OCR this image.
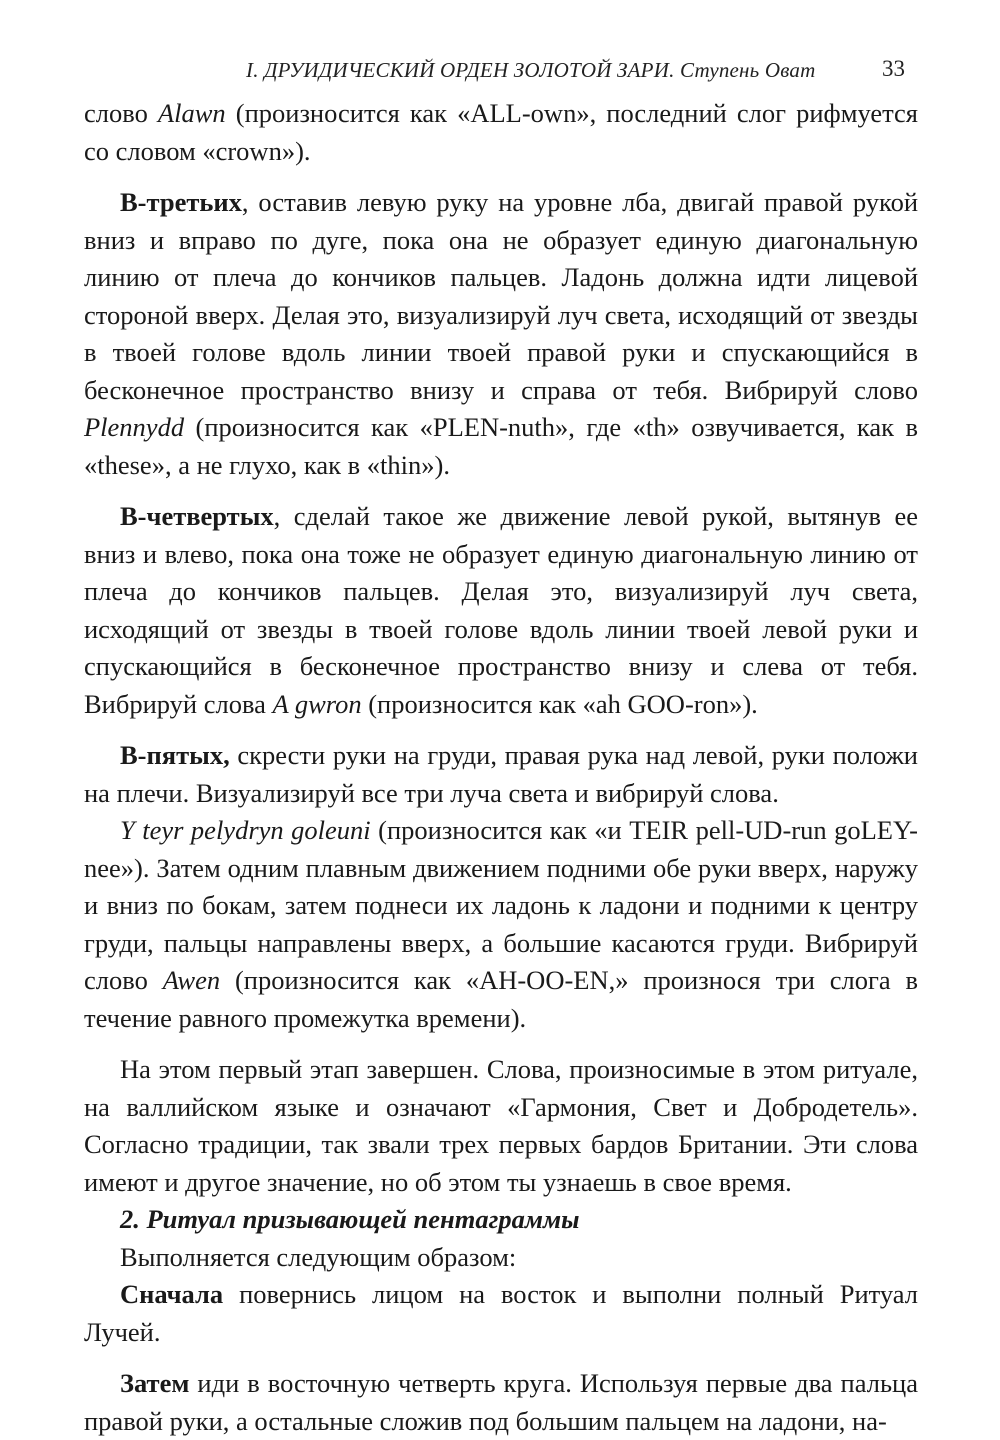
I. ДРУИДИЧЕСКИЙ ОРДЕН ЗОЛОТОЙ ЗАРИ. Ступень Оват	33

слово Alawn (произносится как «ALL-own», последний слог рифмуется со словом «crown»).

В-третьих, оставив левую руку на уровне лба, двигай правой рукой вниз и вправо по дуге, пока она не образует единую диагональную линию от плеча до кончиков пальцев. Ладонь должна идти лицевой стороной вверх. Делая это, визуализируй луч света, исходящий от звезды в твоей голове вдоль линии твоей правой руки и спускающийся в бесконечное пространство внизу и справа от тебя. Вибрируй слово Plennydd (произносится как «PLEN-nuth», где «th» озвучивается, как в «these», а не глухо, как в «thin»).

В-четвертых, сделай такое же движение левой рукой, вытянув ее вниз и влево, пока она тоже не образует единую диагональную линию от плеча до кончиков пальцев. Делая это, визуализируй луч света, исходящий от звезды в твоей голове вдоль линии твоей левой руки и спускающийся в бесконечное пространство внизу и слева от тебя. Вибрируй слова A gwron (произносится как «ah GOO-ron»).

В-пятых, скрести руки на груди, правая рука над левой, руки положи на плечи. Визуализируй все три луча света и вибрируй слова.

Y teyr pelydryn goleuni (произносится как «и TEIR pell-UD-run goLEY-nee»). Затем одним плавным движением подними обе руки вверх, наружу и вниз по бокам, затем поднеси их ладонь к ладони и подними к центру груди, пальцы направлены вверх, а большие касаются груди. Вибрируй слово Awen (произносится как «AH-OO-EN,» произнося три слога в течение равного промежутка времени).

На этом первый этап завершен. Слова, произносимые в этом ритуале, на валлийском языке и означают «Гармония, Свет и Добродетель». Согласно традиции, так звали трех первых бардов Британии. Эти слова имеют и другое значение, но об этом ты узнаешь в свое время.

2. Ритуал призывающей пентаграммы

Выполняется следующим образом:

Сначала повернись лицом на восток и выполни полный Ритуал Лучей.

Затем иди в восточную четверть круга. Используя первые два пальца правой руки, а остальные сложив под большим пальцем на ладони, на-
